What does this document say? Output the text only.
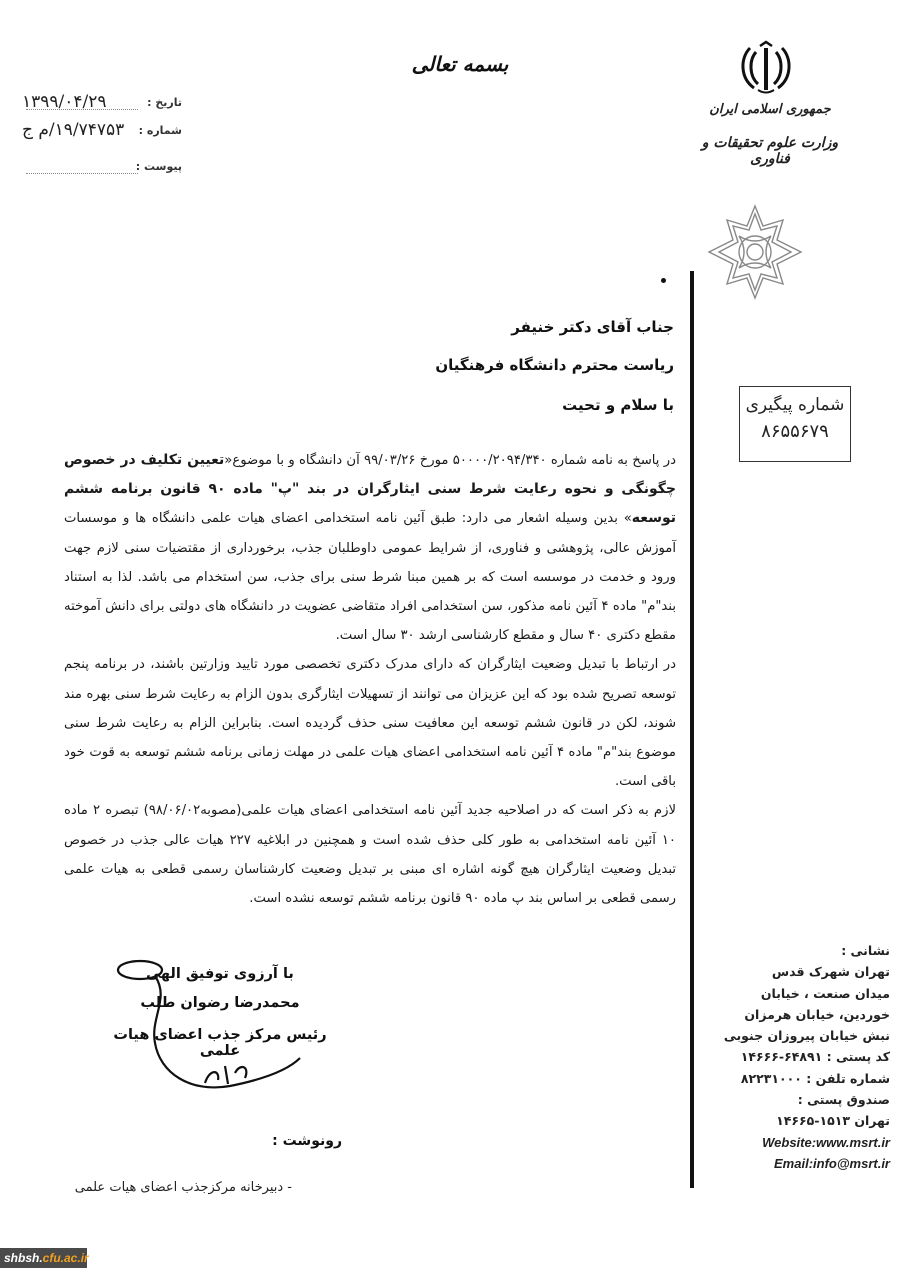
تاریخ :
۱۳۹۹/۰۴/۲۹
شماره :
۱۹/۷۴۷۵۳/م ج
پیوست :
بسمه تعالی
جمهوری اسلامی ایران
وزارت علوم تحقیقات و فناوری
شماره پیگیری
۸۶۵۵۶۷۹
جناب آقای دکتر خنیفر
ریاست محترم دانشگاه فرهنگیان
با سلام و تحیت

در پاسخ به نامه شماره ۵۰۰۰۰/۲۰۹۴/۳۴۰ مورخ ۹۹/۰۳/۲۶ آن دانشگاه و با موضوع«تعیین تکلیف در خصوص چگونگی و نحوه رعایت شرط سنی ایثارگران در بند "پ" ماده ۹۰ قانون برنامه ششم توسعه» بدین وسیله اشعار می دارد: طبق آئین نامه استخدامی اعضای هیات علمی دانشگاه ها و موسسات آموزش عالی، پژوهشی و فناوری، از شرایط عمومی داوطلبان جذب، برخورداری از مقتضیات سنی لازم جهت ورود و خدمت در موسسه است که بر همین مبنا شرط سنی برای جذب، سن استخدام می باشد. لذا به استناد بند"م" ماده ۴ آئین نامه مذکور، سن استخدامی افراد متقاضی عضویت در دانشگاه های دولتی برای دانش آموخته مقطع دکتری ۴۰ سال و مقطع کارشناسی ارشد ۳۰ سال است.

در ارتباط با تبدیل وضعیت ایثارگران که دارای مدرک دکتری تخصصی مورد تایید وزارتین باشند، در برنامه پنجم توسعه تصریح شده بود که این عزیزان می توانند از تسهیلات ایثارگری بدون الزام به رعایت شرط سنی بهره مند شوند، لکن در قانون ششم توسعه این معافیت سنی حذف گردیده است. بنابراین الزام به رعایت شرط سنی موضوع بند"م" ماده ۴ آئین نامه استخدامی اعضای هیات علمی در مهلت زمانی برنامه ششم توسعه به قوت خود باقی است.

لازم به ذکر است که در اصلاحیه جدید آئین نامه استخدامی اعضای هیات علمی(مصوبه۹۸/۰۶/۰۲) تبصره ۲ ماده ۱۰ آئین نامه استخدامی به طور کلی حذف شده است و همچنین در ابلاغیه ۲۲۷ هیات عالی جذب در خصوص تبدیل وضعیت ایثارگران هیچ گونه اشاره ای مبنی بر تبدیل وضعیت کارشناسان رسمی قطعی به هیات علمی رسمی قطعی بر اساس بند پ ماده ۹۰ قانون برنامه ششم توسعه نشده است.

با آرزوی توفیق الهی
محمدرضا رضوان طلب
رئیس مرکز جذب اعضای هیات علمی
نشانی :
تهران شهرک قدس
میدان صنعت ، خیابان
خوردین، خیابان هرمزان
نبش خیابان پیروزان جنوبی
کد پستی : ۶۴۸۹۱-۱۴۶۶۶
شماره تلفن : ۸۲۲۳۱۰۰۰
صندوق پستی :
تهران ۱۵۱۳-۱۴۶۶۵
Website:www.msrt.ir
Email:info@msrt.ir
رونوشت :
- دبیرخانه مرکزجذب اعضای هیات علمی
shbsh.cfu.ac.ir
